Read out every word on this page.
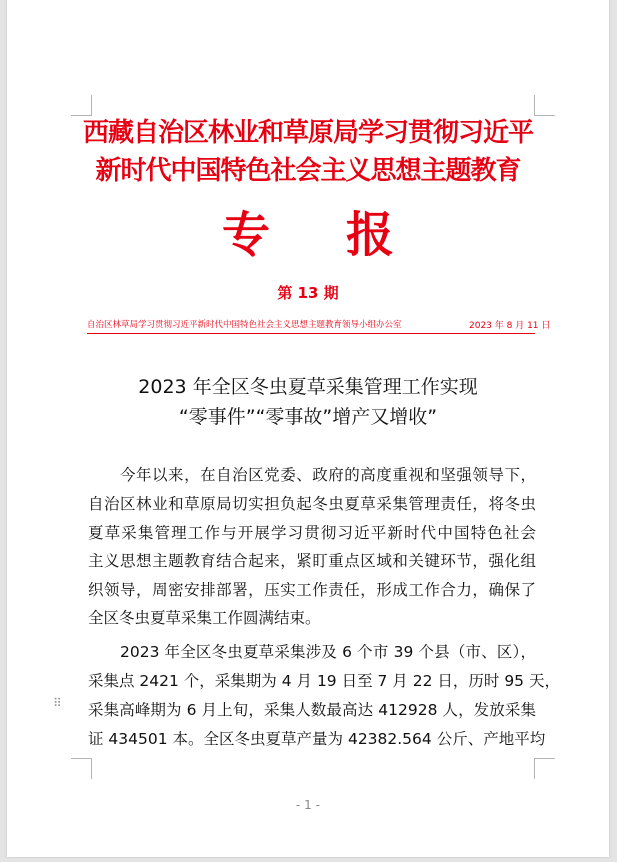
西藏自治区林业和草原局学习贯彻习近平
新时代中国特色社会主义思想主题教育
专 报
第 13 期
自治区林草局学习贯彻习近平新时代中国特色社会主义思想主题教育领导小组办公室	2023 年 8 月 11 日
2023 年全区冬虫夏草采集管理工作实现
“零事件”“零事故”增产又增收”
今年以来，在自治区党委、政府的高度重视和坚强领导下，
自治区林业和草原局切实担负起冬虫夏草采集管理责任，将冬虫
夏草采集管理工作与开展学习贯彻习近平新时代中国特色社会
主义思想主题教育结合起来，紧盯重点区域和关键环节，强化组
织领导，周密安排部署，压实工作责任，形成工作合力，确保了
全区冬虫夏草采集工作圆满结束。
2023 年全区冬虫夏草采集涉及 6 个市 39 个县（市、区），
采集点 2421 个，采集期为 4 月 19 日至 7 月 22 日，历时 95 天，
采集高峰期为 6 月上旬，采集人数最高达 412928 人，发放采集
证 434501 本。全区冬虫夏草产量为 42382.564 公斤、产地平均
⠿
- 1 -
